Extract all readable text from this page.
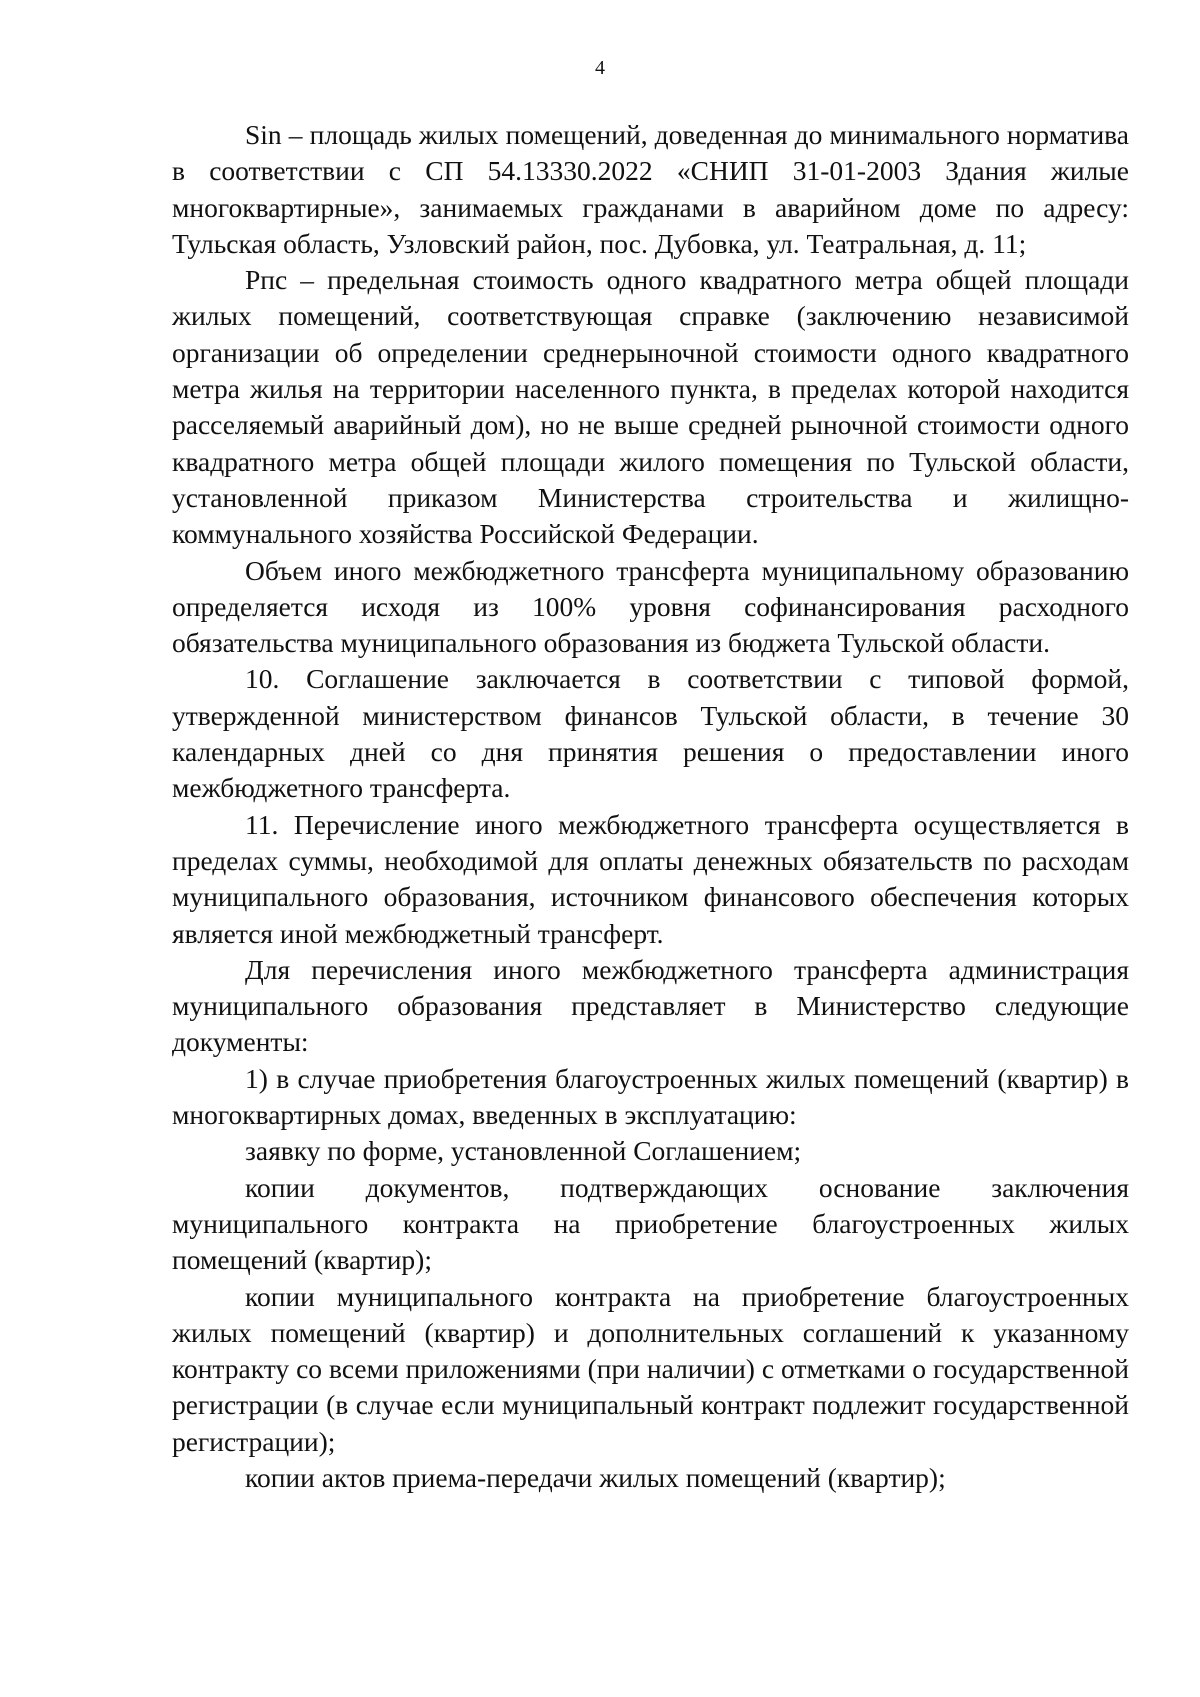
4

Sin – площадь жилых помещений, доведенная до минимального норматива в соответствии с СП 54.13330.2022 «СНИП 31-01-2003 Здания жилые многоквартирные», занимаемых гражданами в аварийном доме по адресу: Тульская область, Узловский район, пос. Дубовка, ул. Театральная, д. 11;

Рпс – предельная стоимость одного квадратного метра общей площади жилых помещений, соответствующая справке (заключению независимой организации об определении среднерыночной стоимости одного квадратного метра жилья на территории населенного пункта, в пределах которой находится расселяемый аварийный дом), но не выше средней рыночной стоимости одного квадратного метра общей площади жилого помещения по Тульской области, установленной приказом Министерства строительства и жилищно-коммунального хозяйства Российской Федерации.

Объем иного межбюджетного трансферта муниципальному образованию определяется исходя из 100% уровня софинансирования расходного обязательства муниципального образования из бюджета Тульской области.

10. Соглашение заключается в соответствии с типовой формой, утвержденной министерством финансов Тульской области, в течение 30 календарных дней со дня принятия решения о предоставлении иного межбюджетного трансферта.

11. Перечисление иного межбюджетного трансферта осуществляется в пределах суммы, необходимой для оплаты денежных обязательств по расходам муниципального образования, источником финансового обеспечения которых является иной межбюджетный трансферт.

Для перечисления иного межбюджетного трансферта администрация муниципального образования представляет в Министерство следующие документы:

1) в случае приобретения благоустроенных жилых помещений (квартир) в многоквартирных домах, введенных в эксплуатацию:

заявку по форме, установленной Соглашением;

копии документов, подтверждающих основание заключения муниципального контракта на приобретение благоустроенных жилых помещений (квартир);

копии муниципального контракта на приобретение благоустроенных жилых помещений (квартир) и дополнительных соглашений к указанному контракту со всеми приложениями (при наличии) с отметками о государственной регистрации (в случае если муниципальный контракт подлежит государственной регистрации);

копии актов приема-передачи жилых помещений (квартир);
